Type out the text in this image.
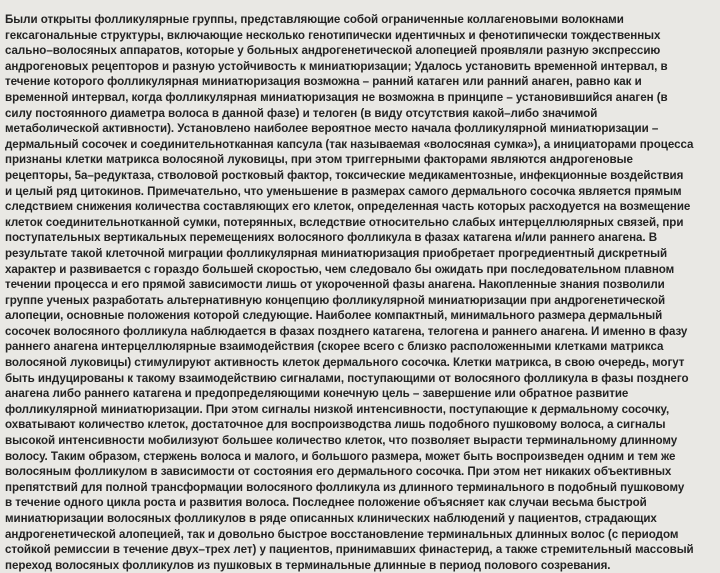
Были открыты фолликулярные группы, представляющие собой ограниченные коллагеновыми волокнами
гексагональные структуры, включающие несколько генотипически идентичных и фенотипически тождественных
сально–волосяных аппаратов, которые у больных андрогенетической алопецией проявляли разную экспрессию
андрогеновых рецепторов и разную устойчивость к миниатюризации; Удалось установить временной интервал, в
течение которого фолликулярная миниатюризация возможна – ранний катаген или ранний анаген, равно как и
временной интервал, когда фолликулярная миниатюризация не возможна в принципе – установившийся анаген (в
силу постоянного диаметра волоса в данной фазе) и телоген (в виду отсутствия какой–либо значимой
метаболической активности). Установлено наиболее вероятное место начала фолликулярной миниатюризации –
дермальный сосочек и соединительнотканная капсула (так называемая «волосяная сумка»), а инициаторами процесса
признаны клетки матрикса волосяной луковицы, при этом триггерными факторами являются андрогеновые
рецепторы, 5а–редуктаза, стволовой ростковый фактор, токсические медикаментозные, инфекционные воздействия
и целый ряд цитокинов. Примечательно, что уменьшение в размерах самого дермального сосочка является прямым
следствием снижения количества составляющих его клеток, определенная часть которых расходуется на возмещение
клеток соединительнотканной сумки, потерянных, вследствие относительно слабых интерцеллюлярных связей, при
поступательных вертикальных перемещениях волосяного фолликула в фазах катагена и/или раннего анагена. В
результате такой клеточной миграции фолликулярная миниатюризация приобретает прогредиентный дискретный
характер и развивается с гораздо большей скоростью, чем следовало бы ожидать при последовательном плавном
течении процесса и его прямой зависимости лишь от укороченной фазы анагена. Накопленные знания позволили
группе ученых разработать альтернативную концепцию фолликулярной миниатюризации при андрогенетической
алопеции, основные положения которой следующие. Наиболее компактный, минимального размера дермальный
сосочек волосяного фолликула наблюдается в фазах позднего катагена, телогена и раннего анагена. И именно в фазу
раннего анагена интерцеллюлярные взаимодействия (скорее всего с близко расположенными клетками матрикса
волосяной луковицы) стимулируют активность клеток дермального сосочка. Клетки матрикса, в свою очередь, могут
быть индуцированы к такому взаимодействию сигналами, поступающими от волосяного фолликула в фазы позднего
анагена либо раннего катагена и предопределяющими конечную цель – завершение или обратное развитие
фолликулярной миниатюризации. При этом сигналы низкой интенсивности, поступающие к дермальному сосочку,
охватывают количество клеток, достаточное для воспроизводства лишь подобного пушковому волоса, а сигналы
высокой интенсивности мобилизуют большее количество клеток, что позволяет вырасти терминальному длинному
волосу. Таким образом, стержень волоса и малого, и большого размера, может быть воспроизведен одним и тем же
волосяным фолликулом в зависимости от состояния его дермального сосочка. При этом нет никаких объективных
препятствий для полной трансформации волосяного фолликула из длинного терминального в подобный пушковому
в течение одного цикла роста и развития волоса. Последнее положение объясняет как случаи весьма быстрой
миниатюризации волосяных фолликулов в ряде описанных клинических наблюдений у пациентов, страдающих
андрогенетической алопецией, так и довольно быстрое восстановление терминальных длинных волос (с периодом
стойкой ремиссии в течение двух–трех лет) у пациентов, принимавших финастерид, а также стремительный массовый
переход волосяных фолликулов из пушковых в терминальные длинные в период полового созревания.
